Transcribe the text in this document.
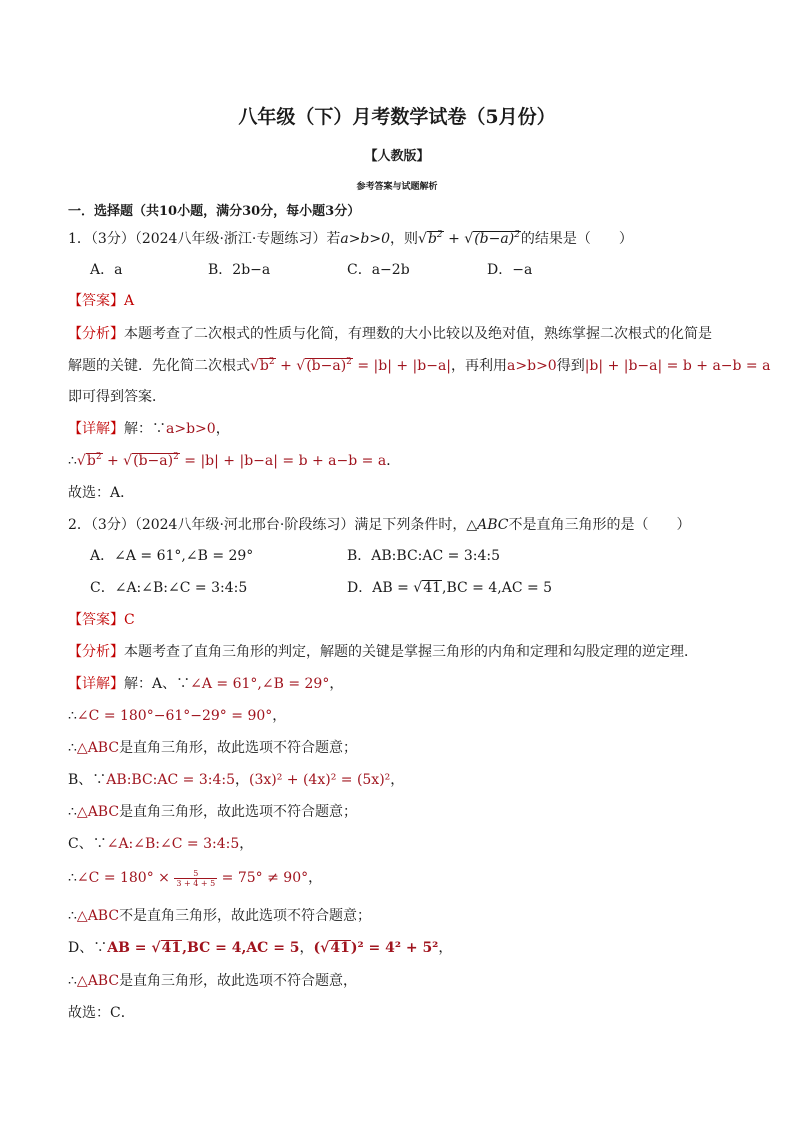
八年级（下）月考数学试卷（5月份）
【人教版】
参考答案与试题解析
一．选择题（共10小题，满分30分，每小题3分）
1．（3分）（2024八年级·浙江·专题练习）若a>b>0，则$√b^2 + √(b-a)^2$的结果是（　　）
A．a	B．2b−a	C．a−2b	D．−a
【答案】A
【分析】本题考查了二次根式的性质与化简，有理数的大小比较以及绝对值，熟练掌握二次根式的化简是
解题的关键．先化简二次根式$√b^2 + √(b-a)^2 = |b| + |b-a|$，再利用a>b>0得到|b| + |b−a| = b + a−b = a
即可得到答案．
【详解】解：∵a>b>0，
$\therefore√b^2 + √(b-a)^2 = |b| + |b-a| = b + a-b = a$．
故选：A．
2．（3分）（2024八年级·河北邢台·阶段练习）满足下列条件时，△ABC不是直角三角形的是（　　）
A．∠A = 61°,∠B = 29°	B．AB:BC:AC = 3:4:5
C．∠A:∠B:∠C = 3:4:5	D．AB = √41,BC = 4,AC = 5
【答案】C
【分析】本题考查了直角三角形的判定，解题的关键是掌握三角形的内角和定理和勾股定理的逆定理．
【详解】解：A、∵∠A = 61°,∠B = 29°，
∴∠C = 180°−61°−29° = 90°，
∴△ABC是直角三角形，故此选项不符合题意；
B、∵AB:BC:AC = 3:4:5，(3x)² + (4x)² = (5x)²，
∴△ABC是直角三角形，故此选项不符合题意；
C、∵∠A:∠B:∠C = 3:4:5，
∴∠C = $180^\circ \times \frac{5}{3 + 4 + 5} = 75^\circ \ne 90^\circ$，
∴△ABC不是直角三角形，故此选项不符合题意；
D、∵AB = √41,BC = 4,AC = 5，(√41)² = 4² + 5²，
∴△ABC是直角三角形，故此选项不符合题意，
故选：C．
